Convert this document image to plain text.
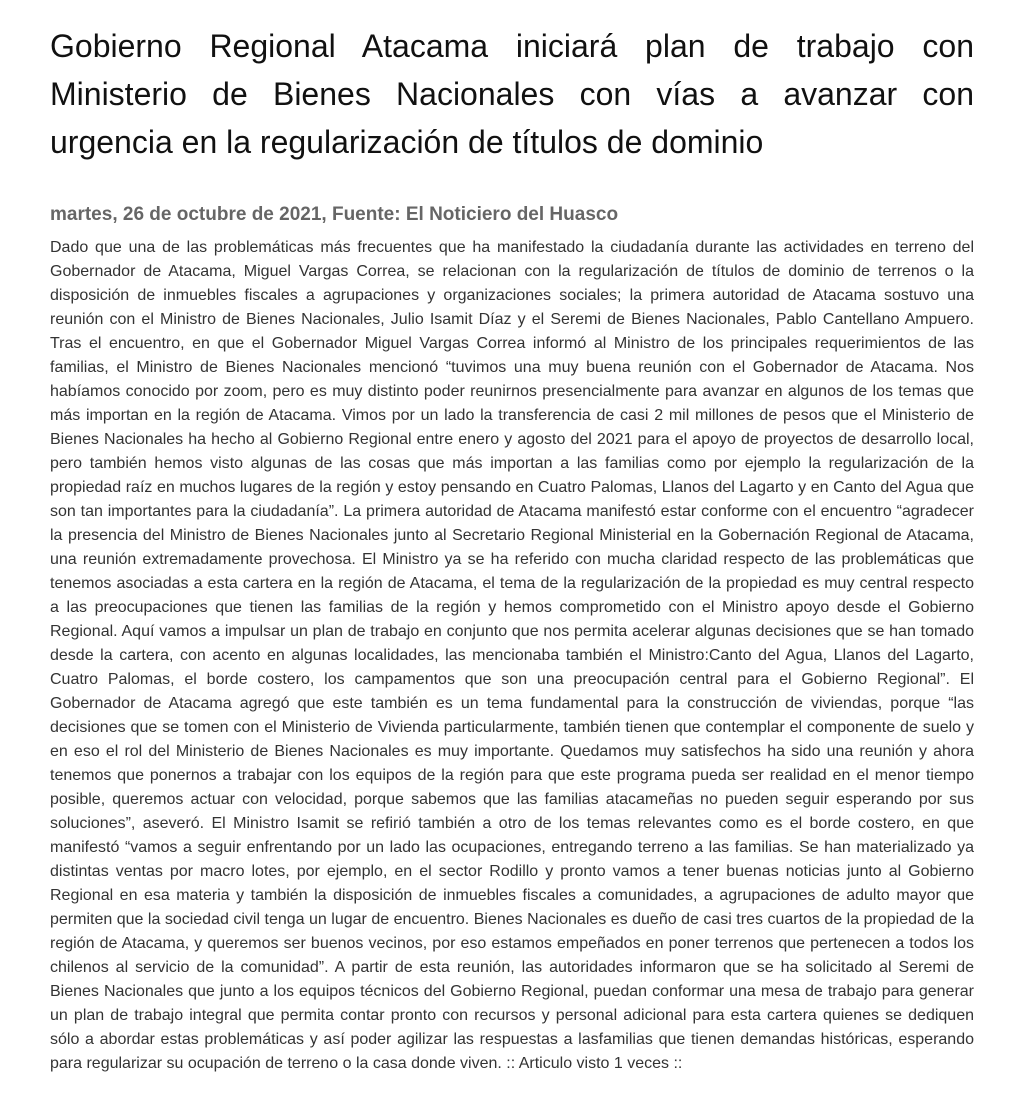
Gobierno Regional Atacama iniciará plan de trabajo con Ministerio de Bienes Nacionales con vías a avanzar con urgencia en la regularización de títulos de dominio
martes, 26 de octubre de 2021, Fuente: El Noticiero del Huasco

Dado que una de las problemáticas más frecuentes que ha manifestado la ciudadanía durante las actividades en terreno del Gobernador de Atacama, Miguel Vargas Correa, se relacionan con la regularización de títulos de dominio de terrenos o la disposición de inmuebles fiscales a agrupaciones y organizaciones sociales; la primera autoridad de Atacama sostuvo una reunión con el Ministro de Bienes Nacionales, Julio Isamit Díaz y el Seremi de Bienes Nacionales, Pablo Cantellano Ampuero. Tras el encuentro, en que el Gobernador Miguel Vargas Correa informó al Ministro de los principales requerimientos de las familias, el Ministro de Bienes Nacionales mencionó “tuvimos una muy buena reunión con el Gobernador de Atacama. Nos habíamos conocido por zoom, pero es muy distinto poder reunirnos presencialmente para avanzar en algunos de los temas que más importan en la región de Atacama. Vimos por un lado la transferencia de casi 2 mil millones de pesos que el Ministerio de Bienes Nacionales ha hecho al Gobierno Regional entre enero y agosto del 2021 para el apoyo de proyectos de desarrollo local, pero también hemos visto algunas de las cosas que más importan a las familias como por ejemplo la regularización de la propiedad raíz en muchos lugares de la región y estoy pensando en Cuatro Palomas, Llanos del Lagarto y en Canto del Agua que son tan importantes para la ciudadanía”. La primera autoridad de Atacama manifestó estar conforme con el encuentro “agradecer la presencia del Ministro de Bienes Nacionales junto al Secretario Regional Ministerial en la Gobernación Regional de Atacama, una reunión extremadamente provechosa. El Ministro ya se ha referido con mucha claridad respecto de las problemáticas que tenemos asociadas a esta cartera en la región de Atacama, el tema de la regularización de la propiedad es muy central respecto a las preocupaciones que tienen las familias de la región y hemos comprometido con el Ministro apoyo desde el Gobierno Regional. Aquí vamos a impulsar un plan de trabajo en conjunto que nos permita acelerar algunas decisiones que se han tomado desde la cartera, con acento en algunas localidades, las mencionaba también el Ministro:Canto del Agua, Llanos del Lagarto, Cuatro Palomas, el borde costero, los campamentos que son una preocupación central para el Gobierno Regional”. El Gobernador de Atacama agregó que este también es un tema fundamental para la construcción de viviendas, porque “las decisiones que se tomen con el Ministerio de Vivienda particularmente, también tienen que contemplar el componente de suelo y en eso el rol del Ministerio de Bienes Nacionales es muy importante. Quedamos muy satisfechos ha sido una reunión y ahora tenemos que ponernos a trabajar con los equipos de la región para que este programa pueda ser realidad en el menor tiempo posible, queremos actuar con velocidad, porque sabemos que las familias atacameñas no pueden seguir esperando por sus soluciones”, aseveró. El Ministro Isamit se refirió también a otro de los temas relevantes como es el borde costero, en que manifestó “vamos a seguir enfrentando por un lado las ocupaciones, entregando terreno a las familias. Se han materializado ya distintas ventas por macro lotes, por ejemplo, en el sector Rodillo y pronto vamos a tener buenas noticias junto al Gobierno Regional en esa materia y también la disposición de inmuebles fiscales a comunidades, a agrupaciones de adulto mayor que permiten que la sociedad civil tenga un lugar de encuentro. Bienes Nacionales es dueño de casi tres cuartos de la propiedad de la región de Atacama, y queremos ser buenos vecinos, por eso estamos empeñados en poner terrenos que pertenecen a todos los chilenos al servicio de la comunidad”. A partir de esta reunión, las autoridades informaron que se ha solicitado al Seremi de Bienes Nacionales que junto a los equipos técnicos del Gobierno Regional, puedan conformar una mesa de trabajo para generar un plan de trabajo integral que permita contar pronto con recursos y personal adicional para esta cartera quienes se dediquen sólo a abordar estas problemáticas y así poder agilizar las respuestas a lasfamilias que tienen demandas históricas, esperando para regularizar su ocupación de terreno o la casa donde viven. :: Articulo visto 1 veces ::
